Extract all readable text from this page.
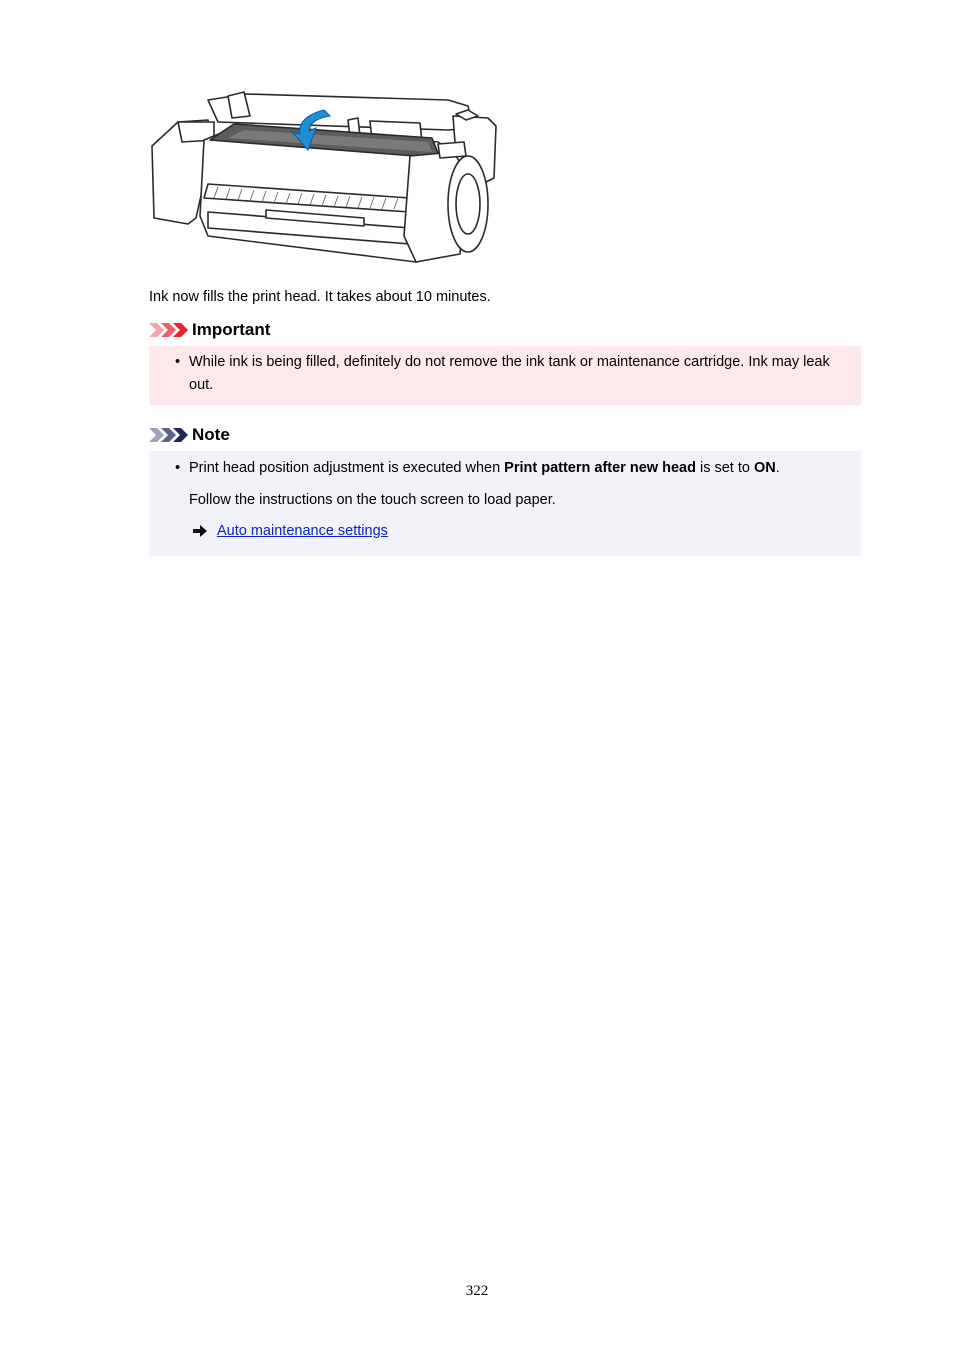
Ink now fills the print head. It takes about 10 minutes.
Important

• While ink is being filled, definitely do not remove the ink tank or maintenance cartridge. Ink may leak out.

Note

• Print head position adjustment is executed when Print pattern after new head is set to ON.

Follow the instructions on the touch screen to load paper.

Auto maintenance settings
322
